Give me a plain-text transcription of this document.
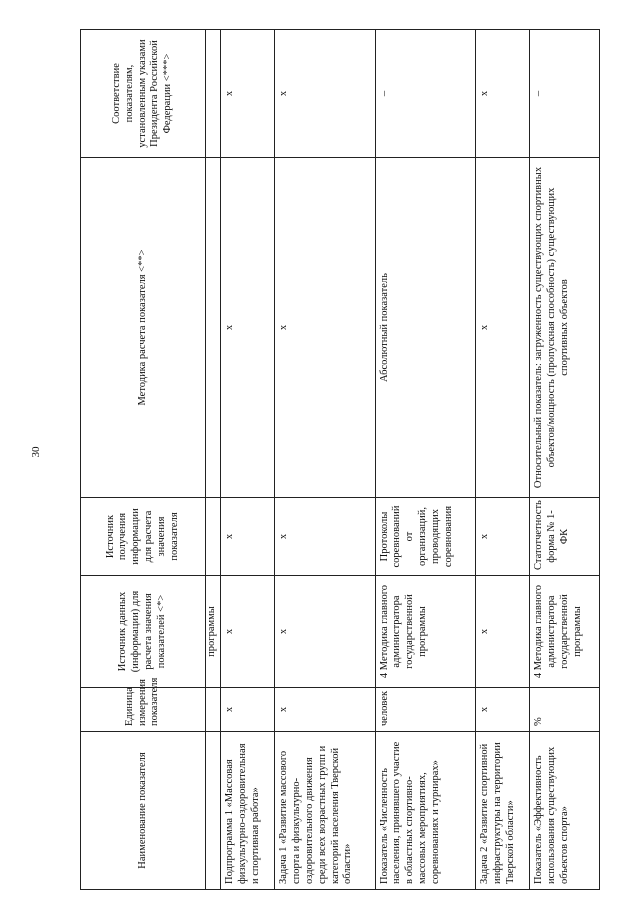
30
Наименование показателя	Единица измерения показателя	Источник данных (информации) для расчета значения показателей <*>	Источник получения информации для расчета значения показателя	Методика расчета показателя <**>	Соответствие показателям, установленным указами Президента Российской Федерации <***>
		программы			
Подпрограмма 1 «Массовая физкультурно-оздоровительная и спортивная работа»	x	x	x	x	x
Задача 1 «Развитие массового спорта и физкультурно-оздоровительного движения среди всех возрастных групп и категорий населения Тверской области»	x	x	x	x	x
Показатель «Численность населения, принявшего участие в областных спортивно-массовых мероприятиях, соревнованиях и турнирах»	человек	4 Методика главного администратора государственной программы	Протоколы соревнований от организаций, проводящих соревнования	Абсолютный показатель	–
Задача 2 «Развитие спортивной инфраструктуры на территории Тверской области»	x	x	x	x	x
Показатель «Эффективность использования существующих объектов спорта»	%	4 Методика главного администратора государственной программы	Статотчетность форма № 1-ФК	Относительный показатель: загруженность существующих спортивных объектов/мощность (пропускная способность) существующих спортивных объектов	–
